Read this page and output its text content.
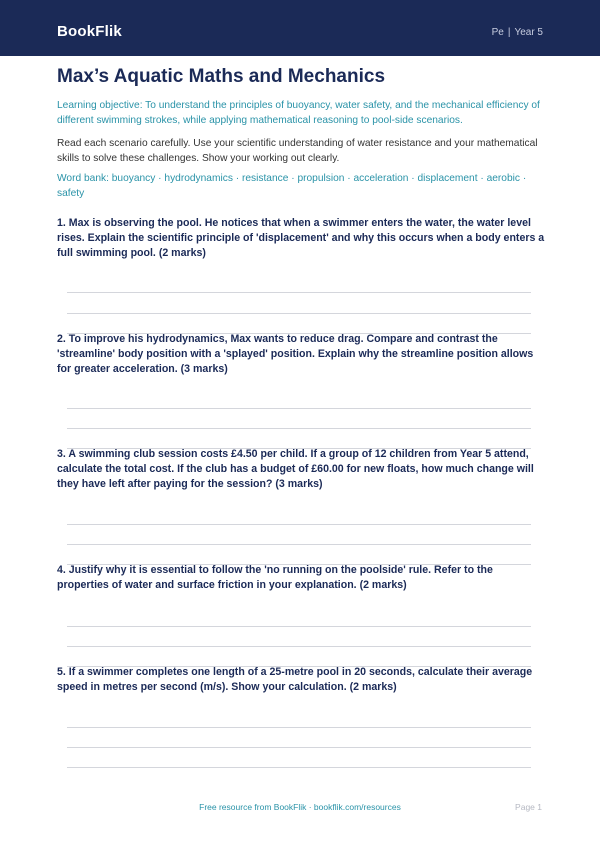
BookFlik	Pe | Year 5
Max’s Aquatic Maths and Mechanics

Learning objective: To understand the principles of buoyancy, water safety, and the mechanical efficiency of different swimming strokes, while applying mathematical reasoning to pool-side scenarios.

Read each scenario carefully. Use your scientific understanding of water resistance and your mathematical skills to solve these challenges. Show your working out clearly.

Word bank: buoyancy · hydrodynamics · resistance · propulsion · acceleration · displacement · aerobic · safety

1. Max is observing the pool. He notices that when a swimmer enters the water, the water level rises. Explain the scientific principle of 'displacement' and why this occurs when a body enters a full swimming pool. (2 marks)

2. To improve his hydrodynamics, Max wants to reduce drag. Compare and contrast the 'streamline' body position with a 'splayed' position. Explain why the streamline position allows for greater acceleration. (3 marks)

3. A swimming club session costs £4.50 per child. If a group of 12 children from Year 5 attend, calculate the total cost. If the club has a budget of £60.00 for new floats, how much change will they have left after paying for the session? (3 marks)

4. Justify why it is essential to follow the 'no running on the poolside' rule. Refer to the properties of water and surface friction in your explanation. (2 marks)

5. If a swimmer completes one length of a 25-metre pool in 20 seconds, calculate their average speed in metres per second (m/s). Show your calculation. (2 marks)

Free resource from BookFlik · bookflik.com/resources	Page 1
